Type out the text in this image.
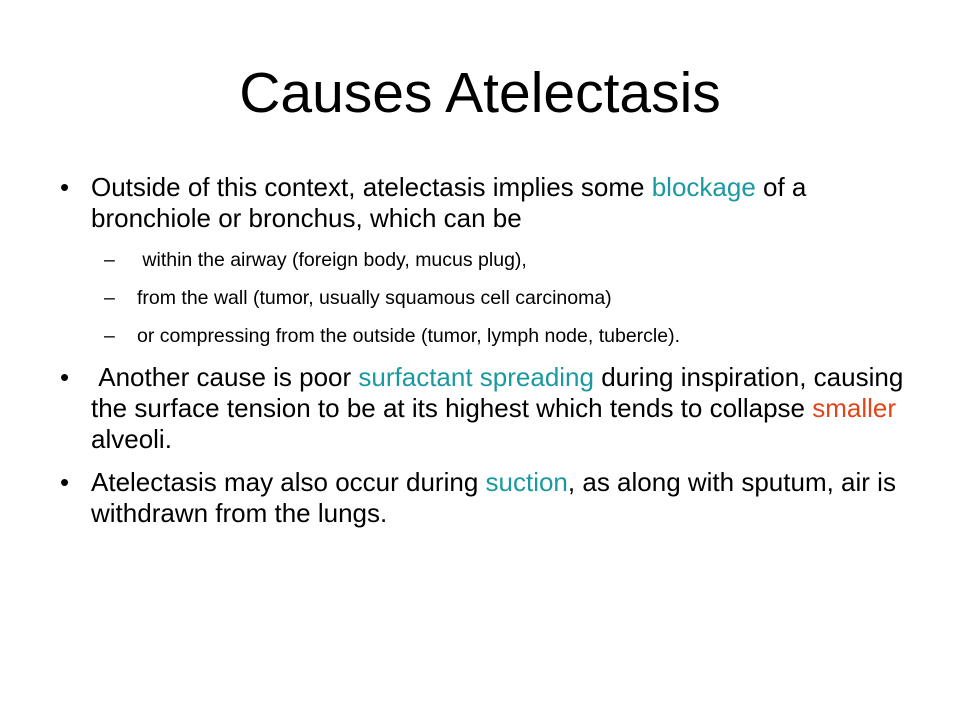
Causes Atelectasis
• Outside of this context, atelectasis implies some blockage of a bronchiole or bronchus, which can be
– within the airway (foreign body, mucus plug),
– from the wall (tumor, usually squamous cell carcinoma)
– or compressing from the outside (tumor, lymph node, tubercle).
• Another cause is poor surfactant spreading during inspiration, causing the surface tension to be at its highest which tends to collapse smaller alveoli.
• Atelectasis may also occur during suction, as along with sputum, air is withdrawn from the lungs.
